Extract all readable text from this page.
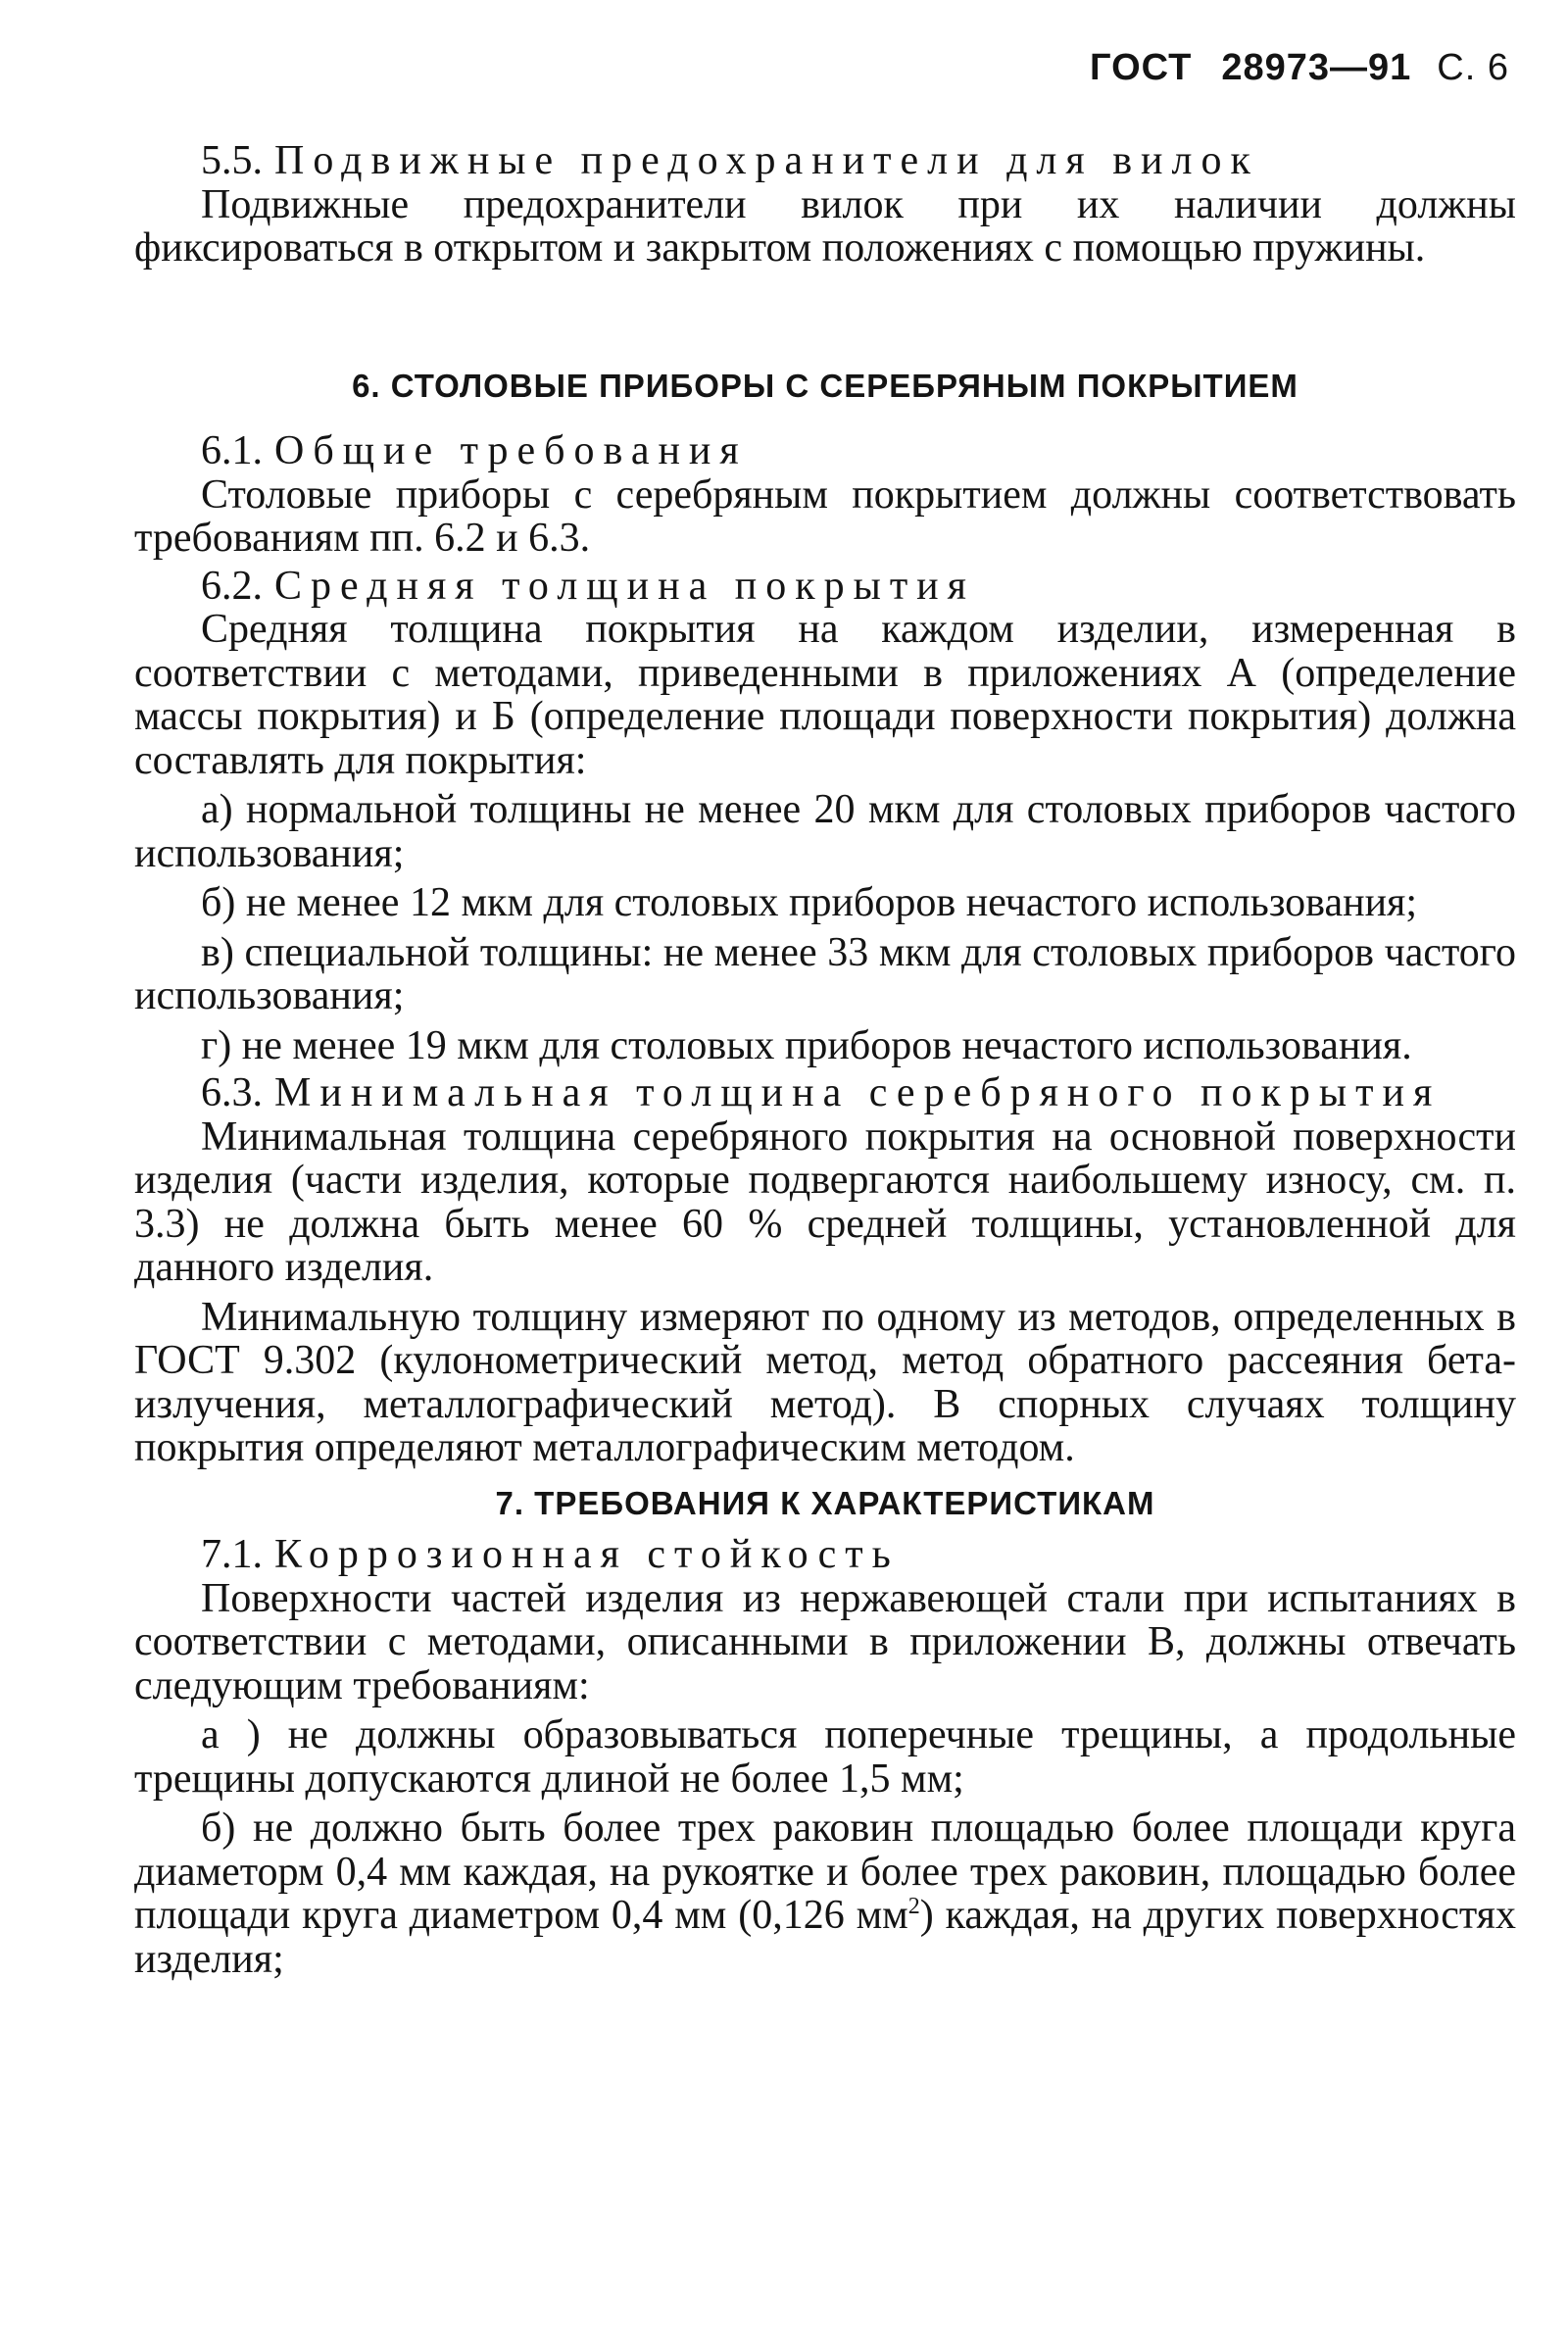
ГОСТ 28973—91 С. 6

5.5. Подвижные предохранители для вилок

Подвижные предохранители вилок при их наличии должны фиксироваться в открытом и закрытом положениях с помощью пружины.

6. СТОЛОВЫЕ ПРИБОРЫ С СЕРЕБРЯНЫМ ПОКРЫТИЕМ

6.1. Общие требования

Столовые приборы с серебряным покрытием должны соответствовать требованиям пп. 6.2 и 6.3.

6.2. Средняя толщина покрытия

Средняя толщина покрытия на каждом изделии, измеренная в соответствии с методами, приведенными в приложениях А (определение массы покрытия) и Б (определение площади поверхности покрытия) должна составлять для покрытия:

а) нормальной толщины не менее 20 мкм для столовых приборов частого использования;

б) не менее 12 мкм для столовых приборов нечастого использования;

в) специальной толщины: не менее 33 мкм для столовых приборов частого использования;

г) не менее 19 мкм для столовых приборов нечастого использования.

6.3. Минимальная толщина серебряного покрытия

Минимальная толщина серебряного покрытия на основной поверхности изделия (части изделия, которые подвергаются наибольшему износу, см. п. 3.3) не должна быть менее 60 % средней толщины, установленной для данного изделия.

Минимальную толщину измеряют по одному из методов, определенных в ГОСТ 9.302 (кулонометрический метод, метод обратного рассеяния бета-излучения, металлографический метод). В спорных случаях толщину покрытия определяют металлографическим методом.

7. ТРЕБОВАНИЯ К ХАРАКТЕРИСТИКАМ

7.1. Коррозионная стойкость

Поверхности частей изделия из нержавеющей стали при испытаниях в соответствии с методами, описанными в приложении В, должны отвечать следующим требованиям:

а ) не должны образовываться поперечные трещины, а продольные трещины допускаются длиной не более 1,5 мм;

б) не должно быть более трех раковин площадью более площади круга диаметорм 0,4 мм каждая, на рукоятке и более трех раковин, площадью более площади круга диаметром 0,4 мм (0,126 $мм^2$) каждая, на других поверхностях изделия;
